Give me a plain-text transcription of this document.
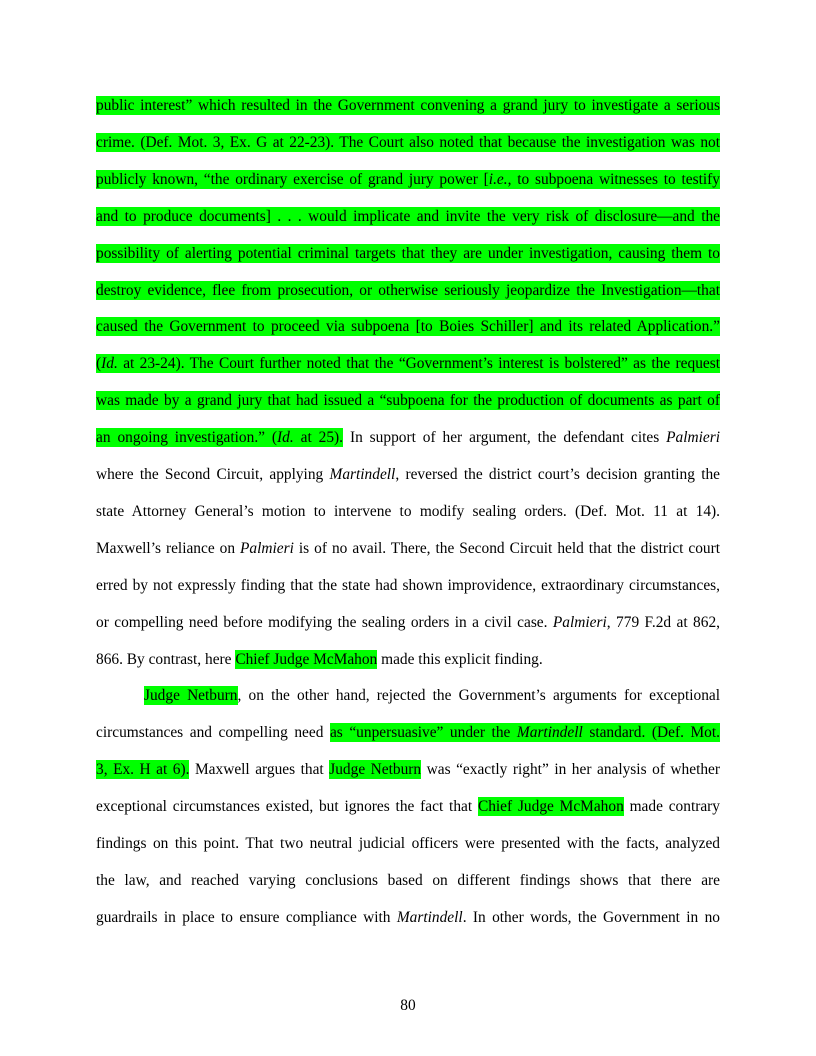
public interest” which resulted in the Government convening a grand jury to investigate a serious
crime. (Def. Mot. 3, Ex. G at 22-23). The Court also noted that because the investigation was not
publicly known, “the ordinary exercise of grand jury power [i.e., to subpoena witnesses to testify
and to produce documents] . . . would implicate and invite the very risk of disclosure—and the
possibility of alerting potential criminal targets that they are under investigation, causing them to
destroy evidence, flee from prosecution, or otherwise seriously jeopardize the Investigation—that
caused the Government to proceed via subpoena [to Boies Schiller] and its related Application.”
(Id. at 23-24). The Court further noted that the “Government’s interest is bolstered” as the request
was made by a grand jury that had issued a “subpoena for the production of documents as part of
an ongoing investigation.” (Id. at 25). In support of her argument, the defendant cites Palmieri
where the Second Circuit, applying Martindell, reversed the district court’s decision granting the
state Attorney General’s motion to intervene to modify sealing orders. (Def. Mot. 11 at 14).
Maxwell’s reliance on Palmieri is of no avail. There, the Second Circuit held that the district court
erred by not expressly finding that the state had shown improvidence, extraordinary circumstances,
or compelling need before modifying the sealing orders in a civil case. Palmieri, 779 F.2d at 862,
866. By contrast, here Chief Judge McMahon made this explicit finding.
Judge Netburn, on the other hand, rejected the Government’s arguments for exceptional
circumstances and compelling need as “unpersuasive” under the Martindell standard. (Def. Mot.
3, Ex. H at 6). Maxwell argues that Judge Netburn was “exactly right” in her analysis of whether
exceptional circumstances existed, but ignores the fact that Chief Judge McMahon made contrary
findings on this point. That two neutral judicial officers were presented with the facts, analyzed
the law, and reached varying conclusions based on different findings shows that there are
guardrails in place to ensure compliance with Martindell. In other words, the Government in no
80
